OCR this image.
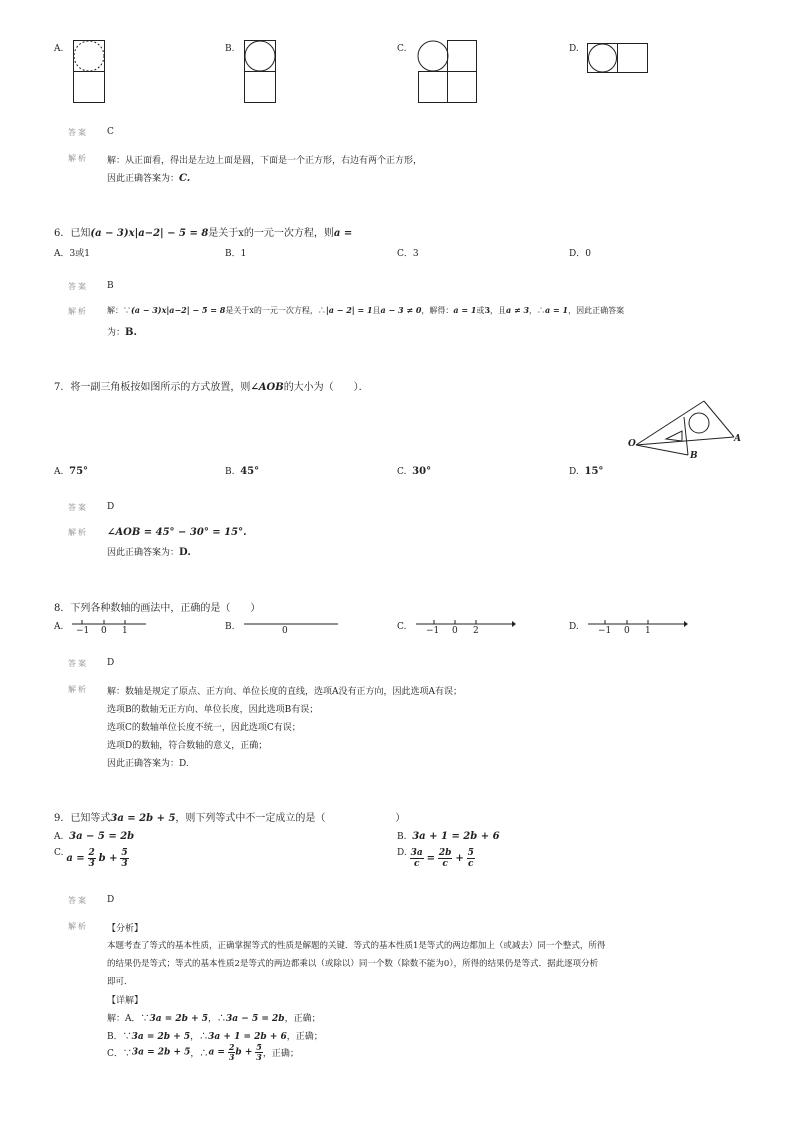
A.	B.	C.	D.
答案 C
解析 解：从正面看，得出是左边上面是圆，下面是一个正方形，右边有两个正方形，
因此正确答案为：C.
6．已知(a − 3)x|a−2| − 5 = 8是关于x的一元一次方程，则a =
A．3或1	B．1	C．3	D．0
答案 B
解析 解：∵(a − 3)x|a−2| − 5 = 8是关于x的一元一次方程，∴|a − 2| = 1且a − 3 ≠ 0，解得：a = 1或3，且a ≠ 3，∴a = 1，因此正确答案
为：B.
7．将一副三角板按如图所示的方式放置，则∠AOB的大小为（　　）．
O	A
B
A. 75°	B. 45°	C. 30°	D. 15°
答案 D
解析 ∠AOB = 45° − 30° = 15°.
因此正确答案为：D.
8．下列各种数轴的画法中，正确的是（　　）
A. −1 0 1	B.	0	C. −1 0 2	D. −1 0 1
答案 D
解析 解：数轴是规定了原点、正方向、单位长度的直线，选项A没有正方向，因此选项A有误；
选项B的数轴无正方向、单位长度，因此选项B有误；
选项C的数轴单位长度不统一，因此选项C有误；
选项D的数轴，符合数轴的意义，正确；
因此正确答案为：D.
9．已知等式3a = 2b + 5，则下列等式中不一定成立的是（　　　　　　　）
A. 3a − 5 = 2b	B. 3a + 1 = 2b + 6
C. $a = \frac{2}{3}$ $b + \frac{5}{3}$	D. $\frac{3a}{c} = \frac{2b}{c} + \frac{5}{c}$
答案 D
解析 【分析】
本题考查了等式的基本性质，正确掌握等式的性质是解题的关键．等式的基本性质1是等式的两边都加上（或减去）同一个整式，所得
的结果仍是等式；等式的基本性质2是等式的两边都乘以（或除以）同一个数（除数不能为0），所得的结果仍是等式．据此逐项分析
即可．
【详解】
解：A．∵3a = 2b + 5，∴3a − 5 = 2b，正确；
B．∵3a = 2b + 5，∴3a + 1 = 2b + 6，正确；
C．∵3a = 2b + 5，∴a = $\frac{2}{3}$ $b + \frac{5}{3}$ ，正确；
